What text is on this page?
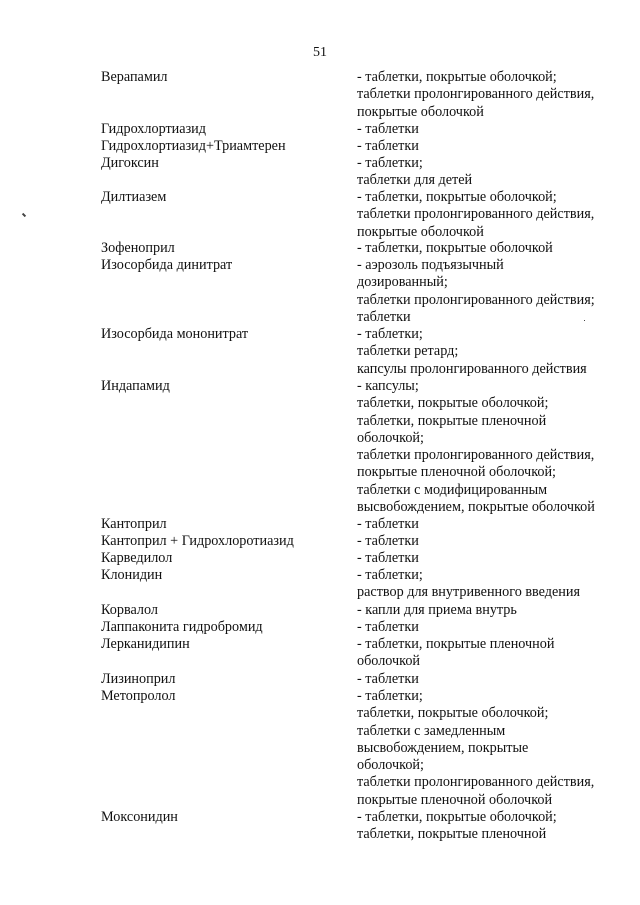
51
Верапамил	- таблетки, покрытые оболочкой;
таблетки пролонгированного действия,
покрытые оболочкой
Гидрохлортиазид	- таблетки
Гидрохлортиазид+Триамтерен	- таблетки
Дигоксин	- таблетки;
таблетки для детей
Дилтиазем	- таблетки, покрытые оболочкой;
таблетки пролонгированного действия,
покрытые оболочкой
Зофеноприл	- таблетки, покрытые оболочкой
Изосорбида динитрат	- аэрозоль подъязычный
дозированный;
таблетки пролонгированного действия;
таблетки
Изосорбида мононитрат	- таблетки;
таблетки ретард;
капсулы пролонгированного действия
Индапамид	- капсулы;
таблетки, покрытые оболочкой;
таблетки, покрытые пленочной
оболочкой;
таблетки пролонгированного действия,
покрытые пленочной оболочкой;
таблетки с модифицированным
высвобождением, покрытые оболочкой
Кантоприл	- таблетки
Кантоприл + Гидрохлоротиазид	- таблетки
Карведилол	- таблетки
Клонидин	- таблетки;
раствор для внутривенного введения
Корвалол	- капли для приема внутрь
Лаппаконита гидробромид	- таблетки
Лерканидипин	- таблетки, покрытые пленочной
оболочкой
Лизиноприл	- таблетки
Метопролол	- таблетки;
таблетки, покрытые оболочкой;
таблетки с замедленным
высвобождением, покрытые
оболочкой;
таблетки пролонгированного действия,
покрытые пленочной оболочкой
Моксонидин	- таблетки, покрытые оболочкой;
таблетки, покрытые пленочной
